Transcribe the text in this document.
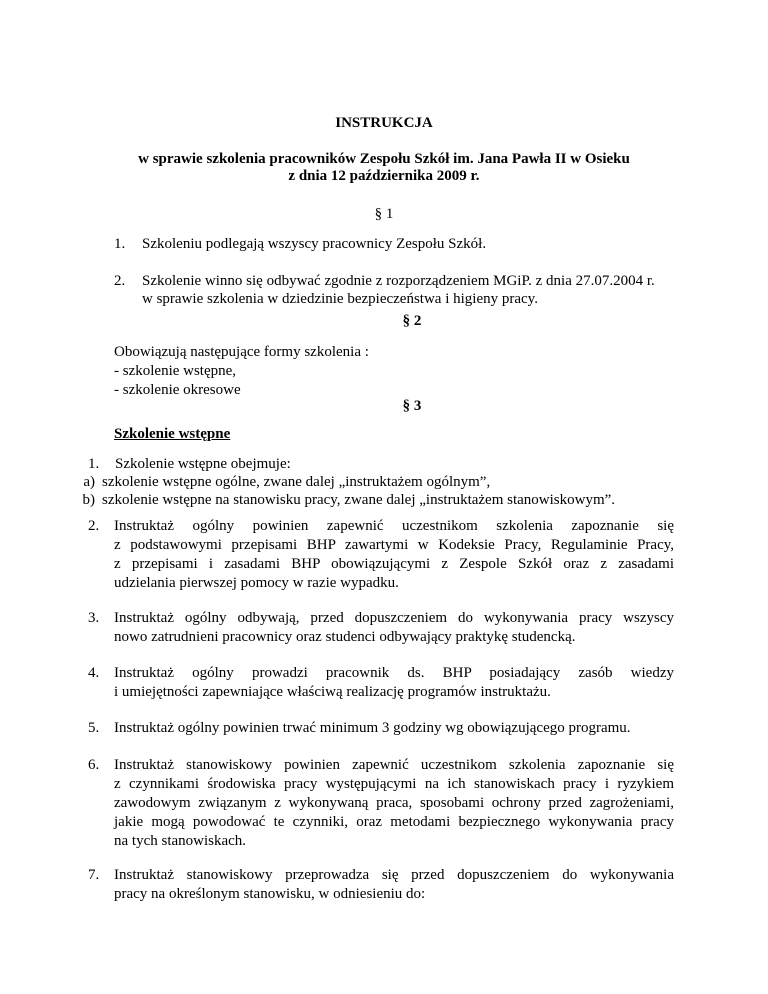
INSTRUKCJA
w sprawie szkolenia pracowników Zespołu Szkół im. Jana Pawła II w Osieku
z dnia 12 października 2009 r.
§ 1
1. Szkoleniu podlegają wszyscy pracownicy Zespołu Szkół.
2. Szkolenie winno się odbywać zgodnie z rozporządzeniem MGiP. z dnia 27.07.2004 r.
w sprawie szkolenia w dziedzinie bezpieczeństwa i higieny pracy.
§ 2
Obowiązują następujące formy szkolenia :
- szkolenie wstępne,
- szkolenie okresowe
§ 3
Szkolenie wstępne
1. Szkolenie wstępne obejmuje:
a) szkolenie wstępne ogólne, zwane dalej „instruktażem ogólnym”,
b) szkolenie wstępne na stanowisku pracy, zwane dalej „instruktażem stanowiskowym”.
2. Instruktaż ogólny powinien zapewnić uczestnikom szkolenia zapoznanie się
z podstawowymi przepisami BHP zawartymi w Kodeksie Pracy, Regulaminie Pracy,
z przepisami i zasadami BHP obowiązującymi z Zespole Szkół oraz z zasadami
udzielania pierwszej pomocy w razie wypadku.
3. Instruktaż ogólny odbywają, przed dopuszczeniem do wykonywania pracy wszyscy
nowo zatrudnieni pracownicy oraz studenci odbywający praktykę studencką.
4. Instruktaż ogólny prowadzi pracownik ds. BHP posiadający zasób wiedzy
i umiejętności zapewniające właściwą realizację programów instruktażu.
5. Instruktaż ogólny powinien trwać minimum 3 godziny wg obowiązującego programu.
6. Instruktaż stanowiskowy powinien zapewnić uczestnikom szkolenia zapoznanie się
z czynnikami środowiska pracy występującymi na ich stanowiskach pracy i ryzykiem
zawodowym związanym z wykonywaną praca, sposobami ochrony przed zagrożeniami,
jakie mogą powodować te czynniki, oraz metodami bezpiecznego wykonywania pracy
na tych stanowiskach.
7. Instruktaż stanowiskowy przeprowadza się przed dopuszczeniem do wykonywania
pracy na określonym stanowisku, w odniesieniu do:
